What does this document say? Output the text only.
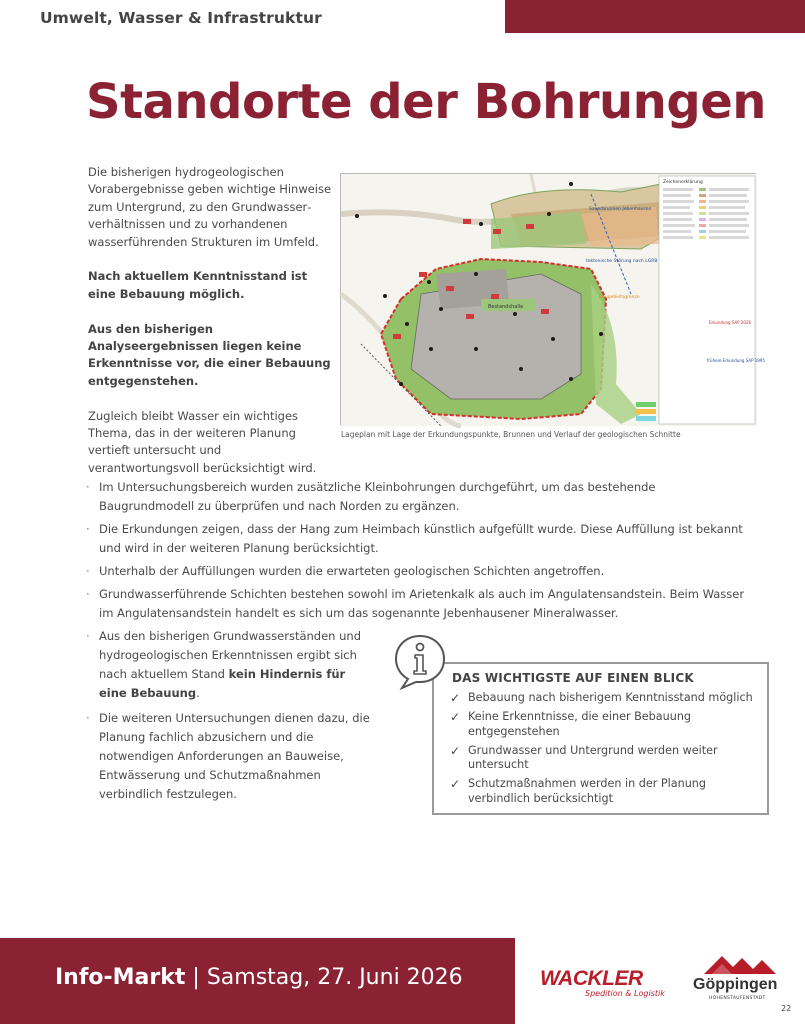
Umwelt, Wasser & Infrastruktur
Standorte der Bohrungen

Die bisherigen hydrogeologischen Vorabergebnisse geben wichtige Hinweise zum Untergrund, zu den Grundwasserverhältnissen und zu vorhandenen wasserführenden Strukturen im Umfeld.

Nach aktuellem Kenntnisstand ist eine Bebauung möglich.

Aus den bisherigen Analyseergebnissen liegen keine Erkenntnisse vor, die einer Bebauung entgegenstehen.

Zugleich bleibt Wasser ein wichtiges Thema, das in der weiteren Planung vertieft untersucht und verantwortungsvoll berücksichtigt wird.

Bestandshalle
Sauerbrunnen Jebenhausen
tektonische Störung nach LGRB
Baugebietsgrenze
Zeichenerklärung
Erkundung SAP 2026
frühere Erkundung SAP 1995
Lageplan mit Lage der Erkundungspunkte, Brunnen und Verlauf der geologischen Schnitte
· Im Untersuchungsbereich wurden zusätzliche Kleinbohrungen durchgeführt, um das bestehende Baugrundmodell zu überprüfen und nach Norden zu ergänzen.
· Die Erkundungen zeigen, dass der Hang zum Heimbach künstlich aufgefüllt wurde. Diese Auffüllung ist bekannt und wird in der weiteren Planung berücksichtigt.
· Unterhalb der Auffüllungen wurden die erwarteten geologischen Schichten angetroffen.
· Grundwasserführende Schichten bestehen sowohl im Arietenkalk als auch im Angulatensandstein. Beim Wasser im Angulatensandstein handelt es sich um das sogenannte Jebenhausener Mineralwasser.
· Aus den bisherigen Grundwasserständen und hydrogeologischen Erkenntnissen ergibt sich nach aktuellem Stand kein Hindernis für eine Bebauung.
· Die weiteren Untersuchungen dienen dazu, die Planung fachlich abzusichern und die notwendigen Anforderungen an Bauweise, Entwässerung und Schutzmaßnahmen verbindlich festzulegen.
DAS WICHTIGSTE AUF EINEN BLICK
✓ Bebauung nach bisherigem Kenntnisstand möglich
✓ Keine Erkenntnisse, die einer Bebauung entgegenstehen
✓ Grundwasser und Untergrund werden weiter untersucht
✓ Schutzmaßnahmen werden in der Planung verbindlich berücksichtigt
Info-Markt | Samstag, 27. Juni 2026	WACKLER
Spedition & Logistik
Göppingen
HOHENSTAUFENSTADT
22
